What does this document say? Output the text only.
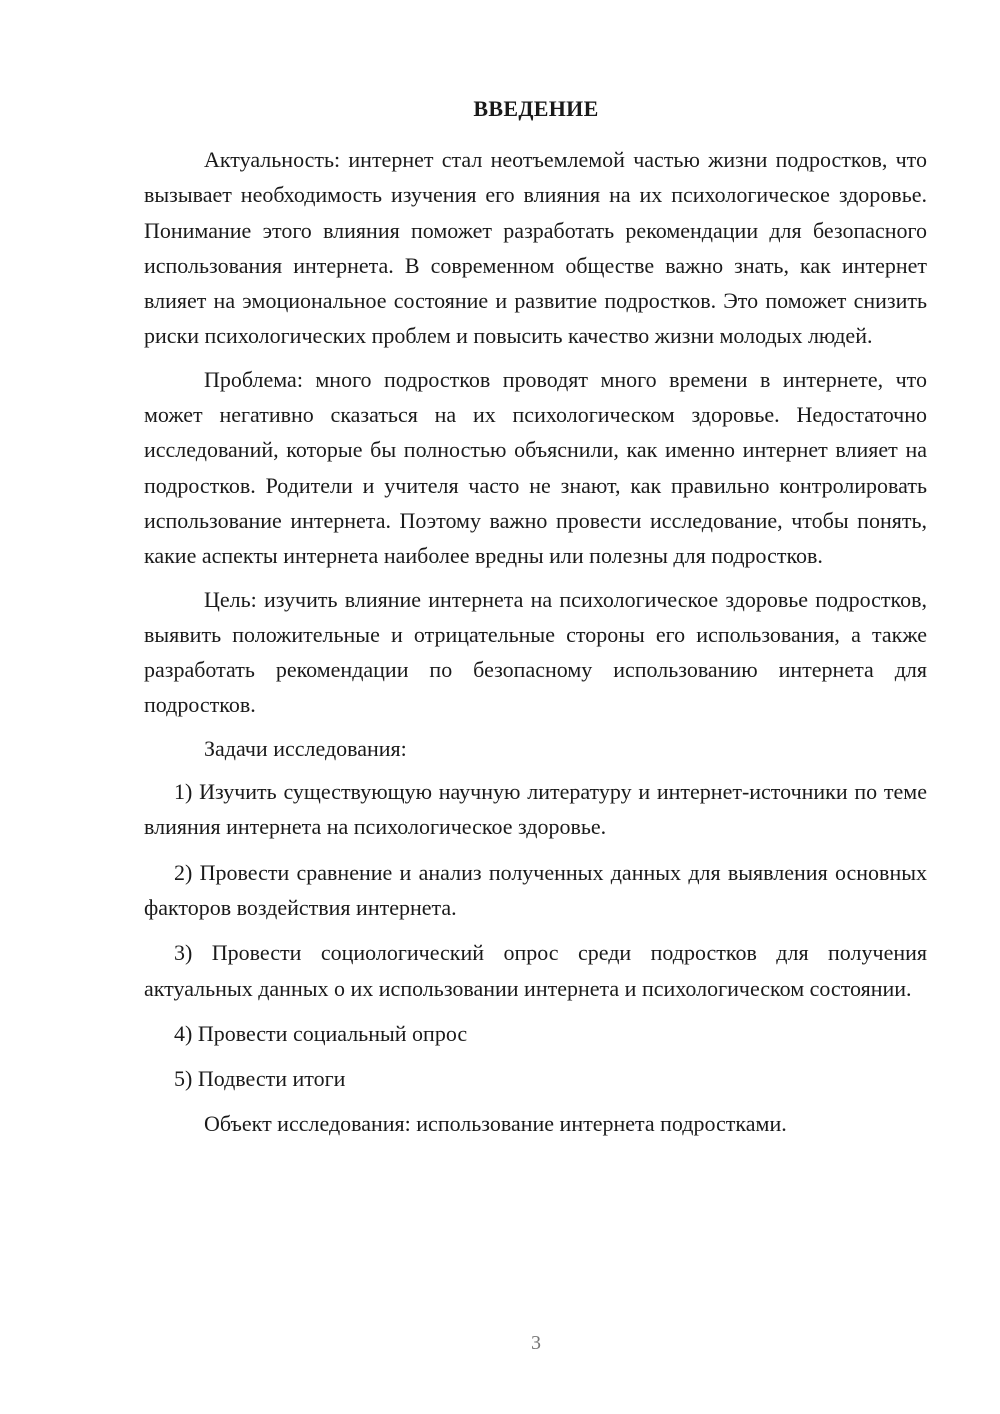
ВВЕДЕНИЕ

Актуальность: интернет стал неотъемлемой частью жизни подростков, что вызывает необходимость изучения его влияния на их психологическое здоровье. Понимание этого влияния поможет разработать рекомендации для безопасного использования интернета. В современном обществе важно знать, как интернет влияет на эмоциональное состояние и развитие подростков. Это поможет снизить риски психологических проблем и повысить качество жизни молодых людей.

Проблема: много подростков проводят много времени в интернете, что может негативно сказаться на их психологическом здоровье. Недостаточно исследований, которые бы полностью объяснили, как именно интернет влияет на подростков. Родители и учителя часто не знают, как правильно контролировать использование интернета. Поэтому важно провести исследование, чтобы понять, какие аспекты интернета наиболее вредны или полезны для подростков.

Цель: изучить влияние интернета на психологическое здоровье подростков, выявить положительные и отрицательные стороны его использования, а также разработать рекомендации по безопасному использованию интернета для подростков.

Задачи исследования:

1) Изучить существующую научную литературу и интернет-источники по теме влияния интернета на психологическое здоровье.

2) Провести сравнение и анализ полученных данных для выявления основных факторов воздействия интернета.

3) Провести социологический опрос среди подростков для получения актуальных данных о их использовании интернета и психологическом состоянии.

4) Провести социальный опрос

5) Подвести итоги

Объект исследования: использование интернета подростками.

3
